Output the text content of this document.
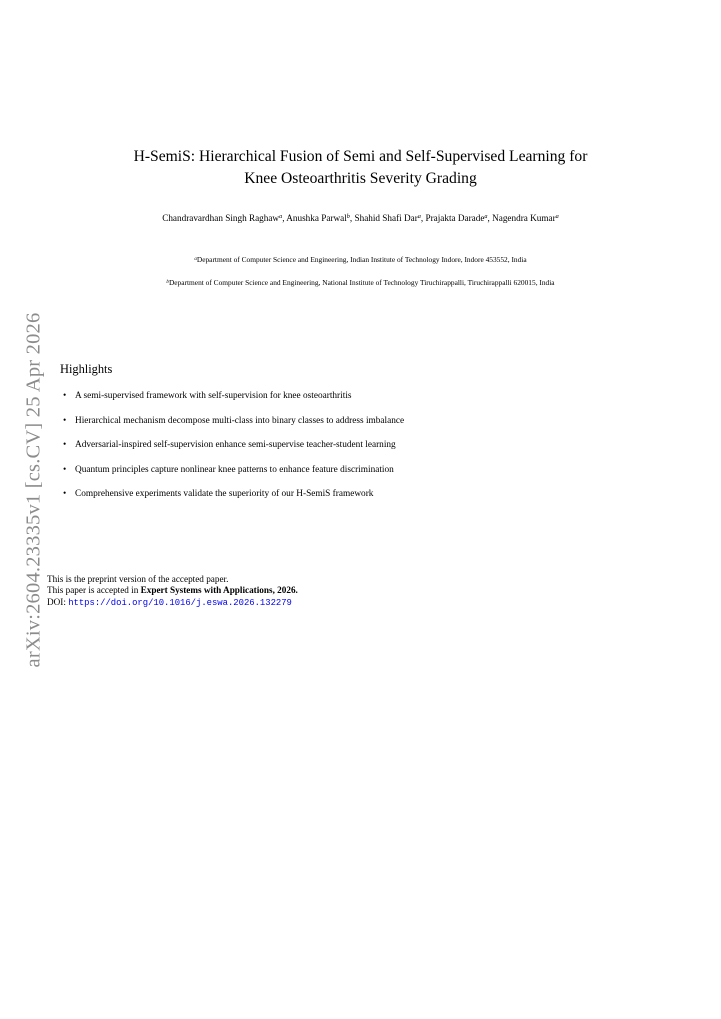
arXiv:2604.23335v1 [cs.CV] 25 Apr 2026
H-SemiS: Hierarchical Fusion of Semi and Self-Supervised Learning for
Knee Osteoarthritis Severity Grading
Chandravardhan Singh Raghaw$^a$, Anushka Parwal$^b$, Shahid Shafi Dar$^a$, Prajakta Darade$^a$, Nagendra Kumar$^a$
$^a$Department of Computer Science and Engineering, Indian Institute of Technology Indore, Indore 453552, India
$^b$Department of Computer Science and Engineering, National Institute of Technology Tiruchirappalli, Tiruchirappalli 620015, India
Highlights
• A semi-supervised framework with self-supervision for knee osteoarthritis
• Hierarchical mechanism decompose multi-class into binary classes to address imbalance
• Adversarial-inspired self-supervision enhance semi-supervise teacher-student learning
• Quantum principles capture nonlinear knee patterns to enhance feature discrimination
• Comprehensive experiments validate the superiority of our H-SemiS framework
This is the preprint version of the accepted paper.
This paper is accepted in Expert Systems with Applications, 2026.
DOI: https://doi.org/10.1016/j.eswa.2026.132279
